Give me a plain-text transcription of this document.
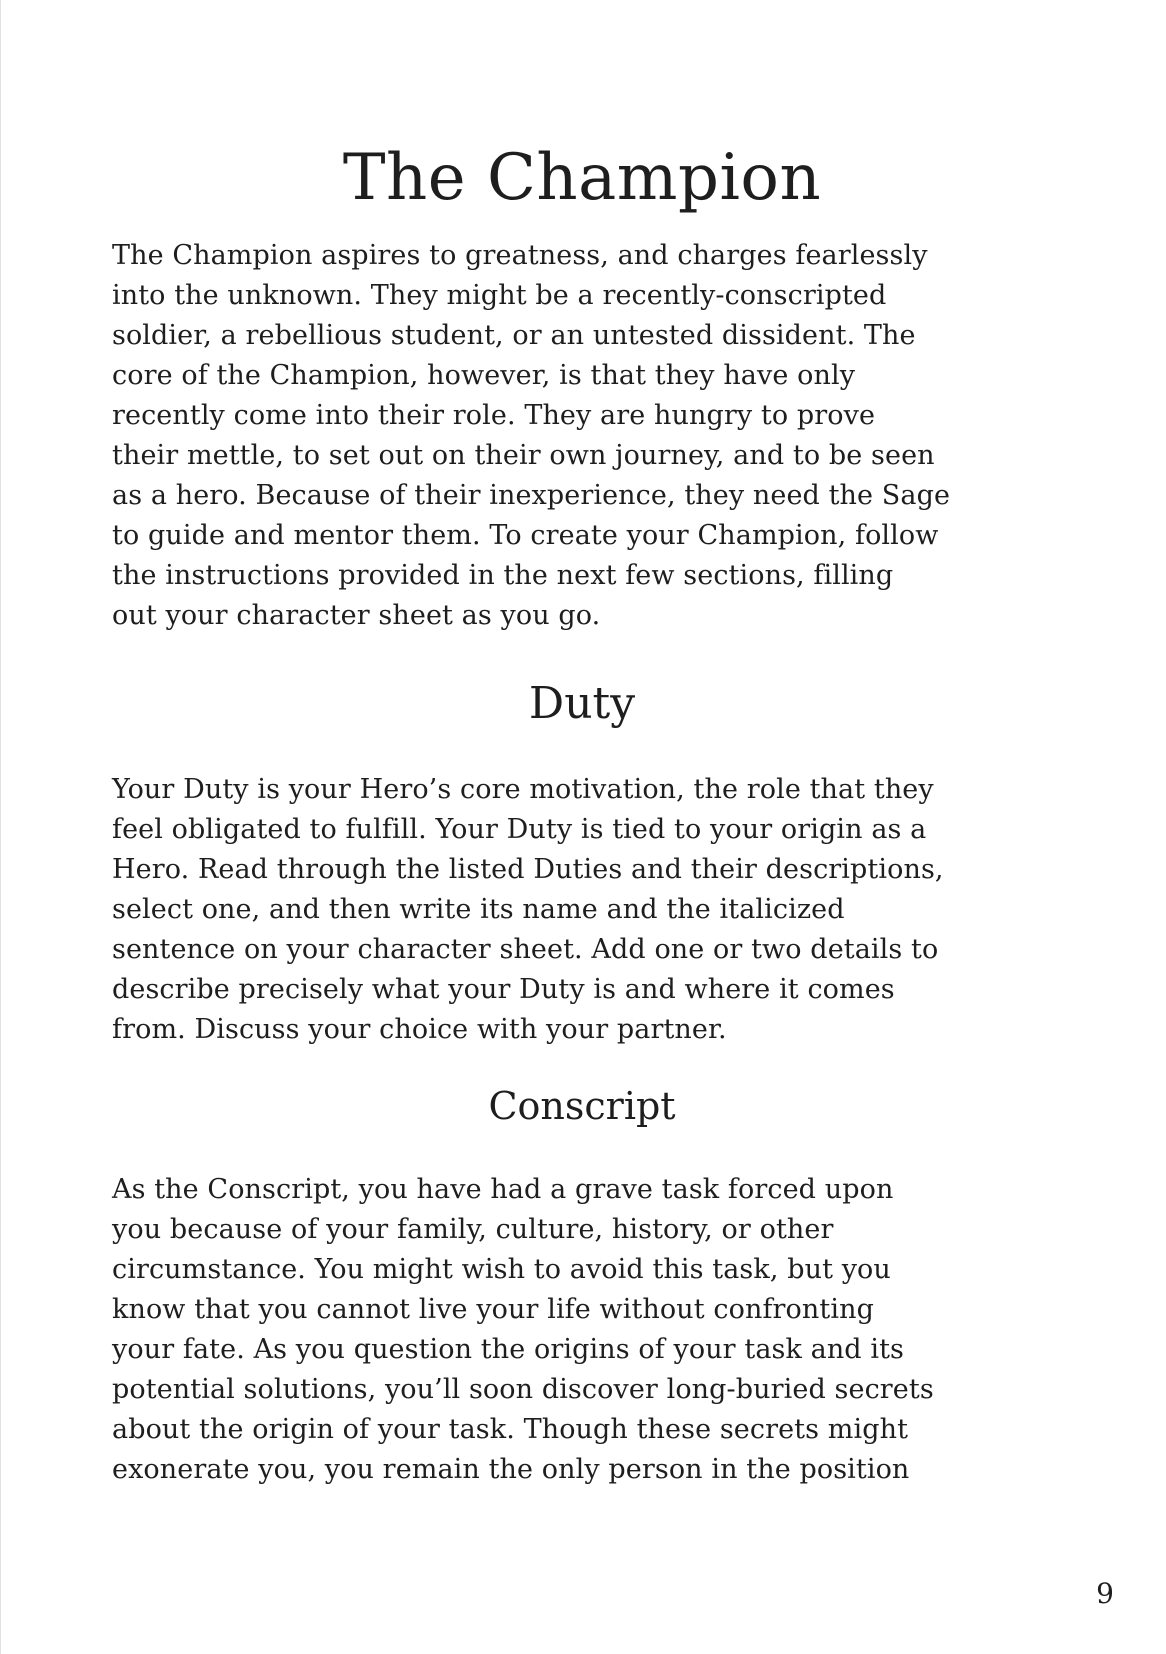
The Champion

The Champion aspires to greatness, and charges fearlessly
into the unknown. They might be a recently-conscripted
soldier, a rebellious student, or an untested dissident. The
core of the Champion, however, is that they have only
recently come into their role. They are hungry to prove
their mettle, to set out on their own journey, and to be seen
as a hero. Because of their inexperience, they need the Sage
to guide and mentor them. To create your Champion, follow
the instructions provided in the next few sections, filling
out your character sheet as you go.

Duty

Your Duty is your Hero’s core motivation, the role that they
feel obligated to fulfill. Your Duty is tied to your origin as a
Hero. Read through the listed Duties and their descriptions,
select one, and then write its name and the italicized
sentence on your character sheet. Add one or two details to
describe precisely what your Duty is and where it comes
from. Discuss your choice with your partner.

Conscript

As the Conscript, you have had a grave task forced upon
you because of your family, culture, history, or other
circumstance. You might wish to avoid this task, but you
know that you cannot live your life without confronting
your fate. As you question the origins of your task and its
potential solutions, you’ll soon discover long-buried secrets
about the origin of your task. Though these secrets might
exonerate you, you remain the only person in the position

9
